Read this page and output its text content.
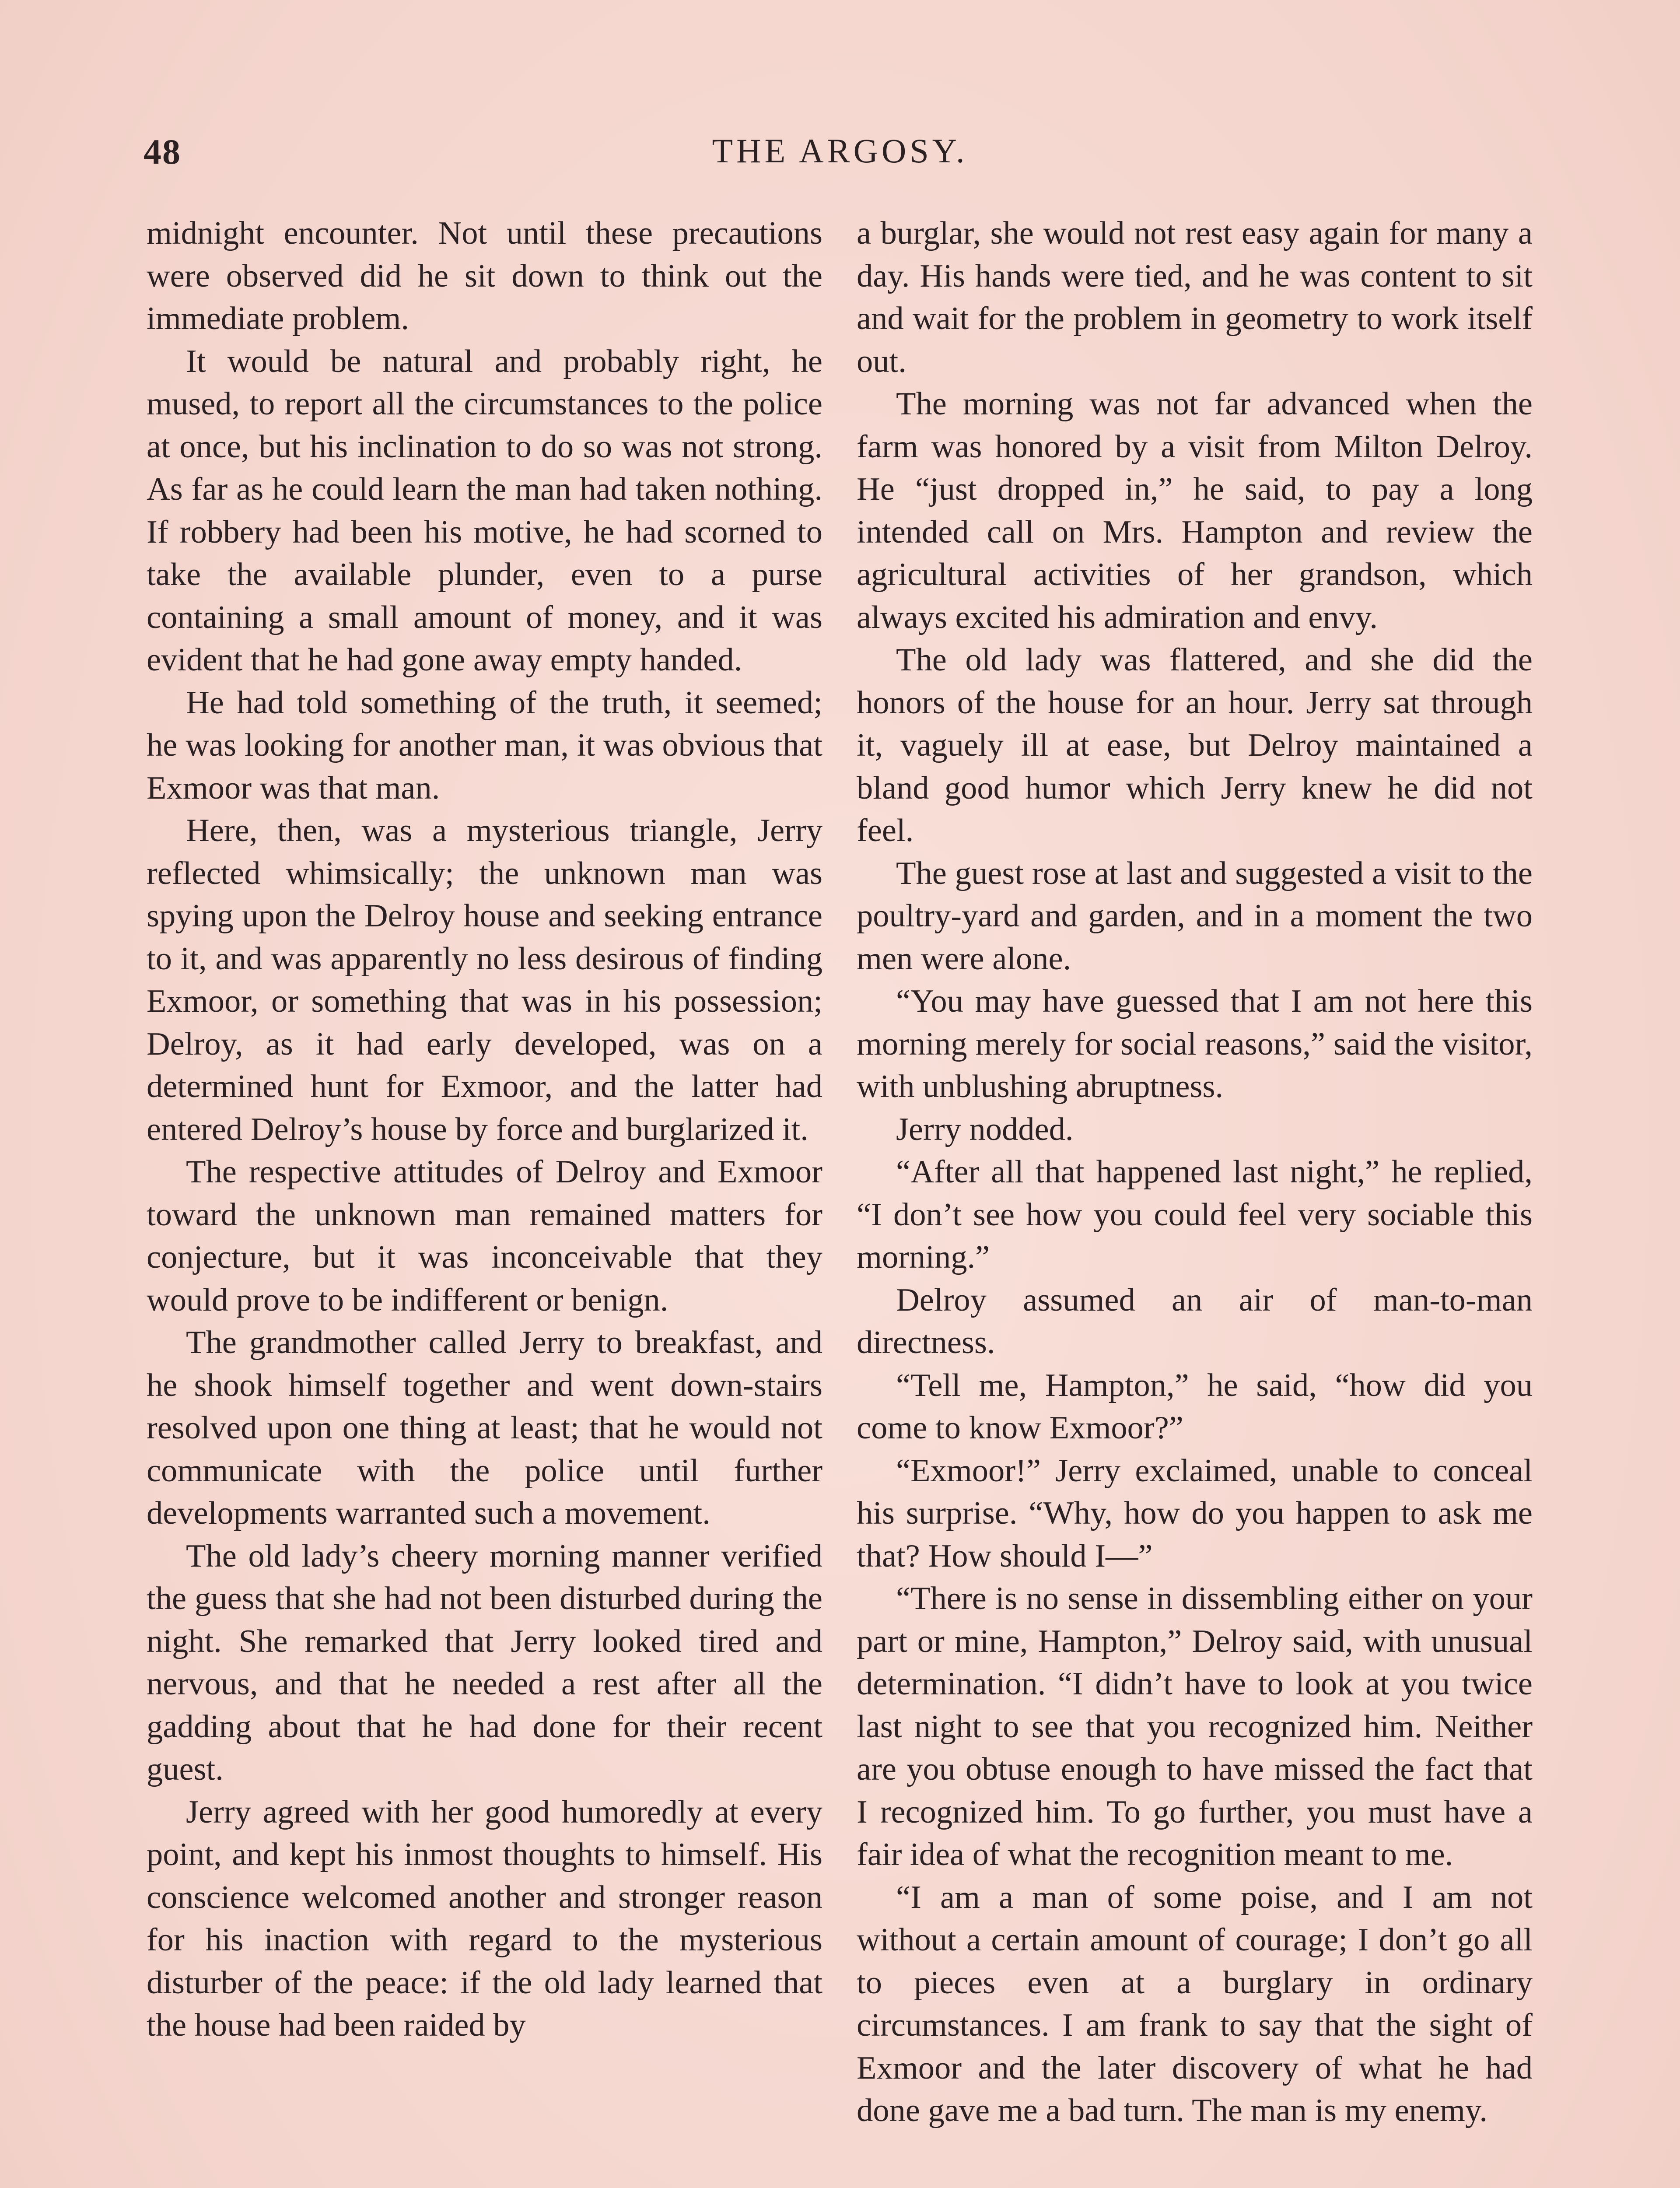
48	THE ARGOSY.

midnight encounter. Not until these precautions were observed did he sit down to think out the immediate problem.

It would be natural and probably right, he mused, to report all the circumstances to the police at once, but his inclination to do so was not strong. As far as he could learn the man had taken nothing. If robbery had been his motive, he had scorned to take the available plunder, even to a purse containing a small amount of money, and it was evident that he had gone away empty handed.

He had told something of the truth, it seemed; he was looking for another man, it was obvious that Exmoor was that man.

Here, then, was a mysterious triangle, Jerry reflected whimsically; the unknown man was spying upon the Delroy house and seeking entrance to it, and was apparently no less desirous of finding Exmoor, or something that was in his possession; Delroy, as it had early developed, was on a determined hunt for Exmoor, and the latter had entered Delroy’s house by force and burglarized it.

The respective attitudes of Delroy and Exmoor toward the unknown man remained matters for conjecture, but it was inconceivable that they would prove to be indifferent or benign.

The grandmother called Jerry to breakfast, and he shook himself together and went down-stairs resolved upon one thing at least; that he would not communicate with the police until further developments warranted such a movement.

The old lady’s cheery morning manner verified the guess that she had not been disturbed during the night. She remarked that Jerry looked tired and nervous, and that he needed a rest after all the gadding about that he had done for their recent guest.

Jerry agreed with her good humoredly at every point, and kept his inmost thoughts to himself. His conscience welcomed another and stronger reason for his inaction with regard to the mysterious disturber of the peace: if the old lady learned that the house had been raided by

a burglar, she would not rest easy again for many a day. His hands were tied, and he was content to sit and wait for the problem in geometry to work itself out.

The morning was not far advanced when the farm was honored by a visit from Milton Delroy. He “just dropped in,” he said, to pay a long intended call on Mrs. Hampton and review the agricultural activities of her grandson, which always excited his admiration and envy.

The old lady was flattered, and she did the honors of the house for an hour. Jerry sat through it, vaguely ill at ease, but Delroy maintained a bland good humor which Jerry knew he did not feel.

The guest rose at last and suggested a visit to the poultry-yard and garden, and in a moment the two men were alone.

“You may have guessed that I am not here this morning merely for social reasons,” said the visitor, with unblushing abruptness.

Jerry nodded.

“After all that happened last night,” he replied, “I don’t see how you could feel very sociable this morning.”

Delroy assumed an air of man-to-man directness.

“Tell me, Hampton,” he said, “how did you come to know Exmoor?”

“Exmoor!” Jerry exclaimed, unable to conceal his surprise. “Why, how do you happen to ask me that? How should I—”

“There is no sense in dissembling either on your part or mine, Hampton,” Delroy said, with unusual determination. “I didn’t have to look at you twice last night to see that you recognized him. Neither are you obtuse enough to have missed the fact that I recognized him. To go further, you must have a fair idea of what the recognition meant to me.

“I am a man of some poise, and I am not without a certain amount of courage; I don’t go all to pieces even at a burglary in ordinary circumstances. I am frank to say that the sight of Exmoor and the later discovery of what he had done gave me a bad turn. The man is my enemy.
